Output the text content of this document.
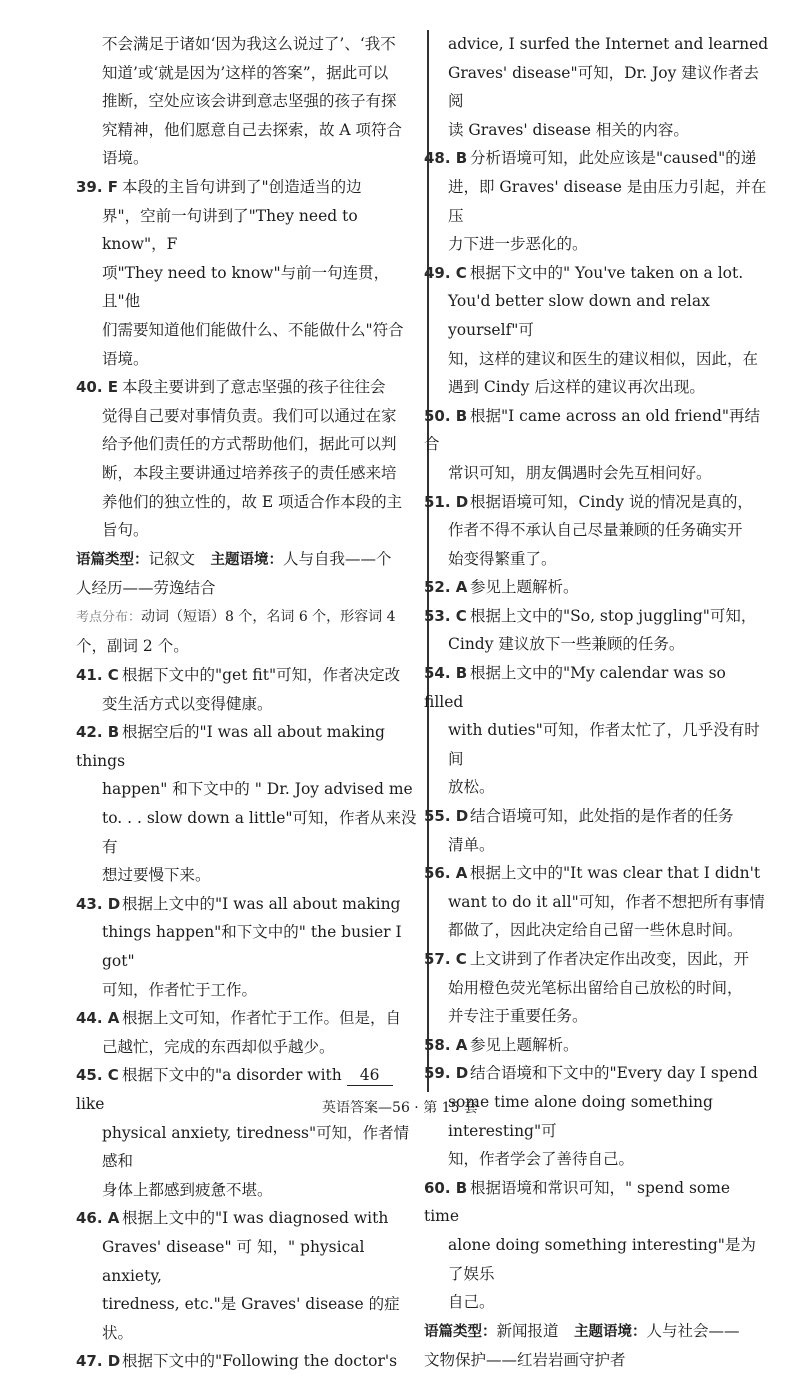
不会满足于诸如‘因为我这么说过了’、‘我不

知道’或‘就是因为’这样的答案”，据此可以

推断，空处应该会讲到意志坚强的孩子有探

究精神，他们愿意自己去探索，故 A 项符合

语境。

39. F 本段的主旨句讲到了"创造适当的边

界"，空前一句讲到了"They need to know"，F

项"They need to know"与前一句连贯，且"他

们需要知道他们能做什么、不能做什么"符合

语境。

40. E 本段主要讲到了意志坚强的孩子往往会

觉得自己要对事情负责。我们可以通过在家

给予他们责任的方式帮助他们，据此可以判

断，本段主要讲通过培养孩子的责任感来培

养他们的独立性的，故 E 项适合作本段的主

旨句。

语篇类型：记叙文  主题语境：人与自我——个

人经历——劳逸结合

考点分布：动词（短语）8 个，名词 6 个，形容词 4

个，副词 2 个。

41. C 根据下文中的"get fit"可知，作者决定改

变生活方式以变得健康。

42. B 根据空后的"I was all about making things

happen" 和下文中的 " Dr. Joy advised me

to. . . slow down a little"可知，作者从来没有

想过要慢下来。

43. D 根据上文中的"I was all about making

things happen"和下文中的" the busier I got"

可知，作者忙于工作。

44. A 根据上文可知，作者忙于工作。但是，自

己越忙，完成的东西却似乎越少。

45. C 根据下文中的"a disorder with 46 like

physical anxiety, tiredness"可知，作者情感和

身体上都感到疲惫不堪。

46. A 根据上文中的"I was diagnosed with

Graves' disease" 可 知，" physical anxiety,

tiredness, etc."是 Graves' disease 的症状。

47. D 根据下文中的"Following the doctor's

advice, I surfed the Internet and learned

Graves' disease"可知，Dr. Joy 建议作者去阅

读 Graves' disease 相关的内容。

48. B 分析语境可知，此处应该是"caused"的递

进，即 Graves' disease 是由压力引起，并在压

力下进一步恶化的。

49. C 根据下文中的" You've taken on a lot.

You'd better slow down and relax yourself"可

知，这样的建议和医生的建议相似，因此，在

遇到 Cindy 后这样的建议再次出现。

50. B 根据"I came across an old friend"再结合

常识可知，朋友偶遇时会先互相问好。

51. D 根据语境可知，Cindy 说的情况是真的，

作者不得不承认自己尽量兼顾的任务确实开

始变得繁重了。

52. A 参见上题解析。

53. C 根据上文中的"So, stop juggling"可知，

Cindy 建议放下一些兼顾的任务。

54. B 根据上文中的"My calendar was so filled

with duties"可知，作者太忙了，几乎没有时间

放松。

55. D 结合语境可知，此处指的是作者的任务

清单。

56. A 根据上文中的"It was clear that I didn't

want to do it all"可知，作者不想把所有事情

都做了，因此决定给自己留一些休息时间。

57. C 上文讲到了作者决定作出改变，因此，开

始用橙色荧光笔标出留给自己放松的时间，

并专注于重要任务。

58. A 参见上题解析。

59. D 结合语境和下文中的"Every day I spend

some time alone doing something interesting"可

知，作者学会了善待自己。

60. B 根据语境和常识可知，" spend some time

alone doing something interesting"是为了娱乐

自己。

语篇类型：新闻报道  主题语境：人与社会——

文物保护——红岩岩画守护者

英语答案—56 · 第 15 套
